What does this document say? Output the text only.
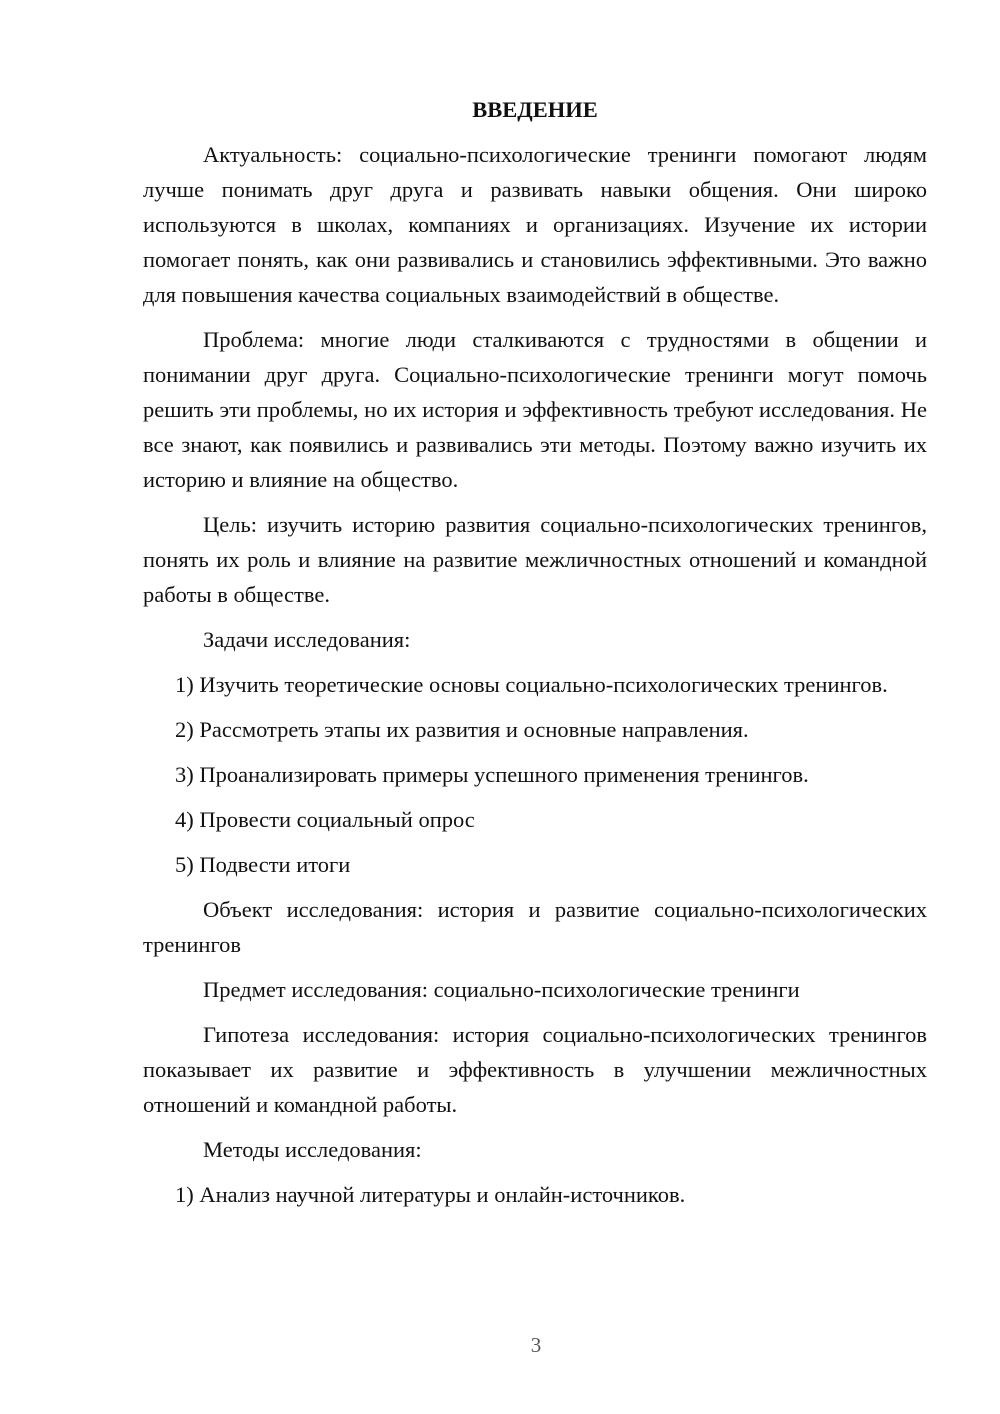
ВВЕДЕНИЕ

Актуальность: социально-психологические тренинги помогают людям лучше понимать друг друга и развивать навыки общения. Они широко используются в школах, компаниях и организациях. Изучение их истории помогает понять, как они развивались и становились эффективными. Это важно для повышения качества социальных взаимодействий в обществе.

Проблема: многие люди сталкиваются с трудностями в общении и понимании друг друга. Социально-психологические тренинги могут помочь решить эти проблемы, но их история и эффективность требуют исследования. Не все знают, как появились и развивались эти методы. Поэтому важно изучить их историю и влияние на общество.

Цель: изучить историю развития социально-психологических тренингов, понять их роль и влияние на развитие межличностных отношений и командной работы в обществе.

Задачи исследования:

1) Изучить теоретические основы социально-психологических тренингов.

2) Рассмотреть этапы их развития и основные направления.

3) Проанализировать примеры успешного применения тренингов.

4) Провести социальный опрос

5) Подвести итоги

Объект исследования: история и развитие социально-психологических тренингов

Предмет исследования: социально-психологические тренинги

Гипотеза исследования: история социально-психологических тренингов показывает их развитие и эффективность в улучшении межличностных отношений и командной работы.

Методы исследования:

1) Анализ научной литературы и онлайн-источников.

3
